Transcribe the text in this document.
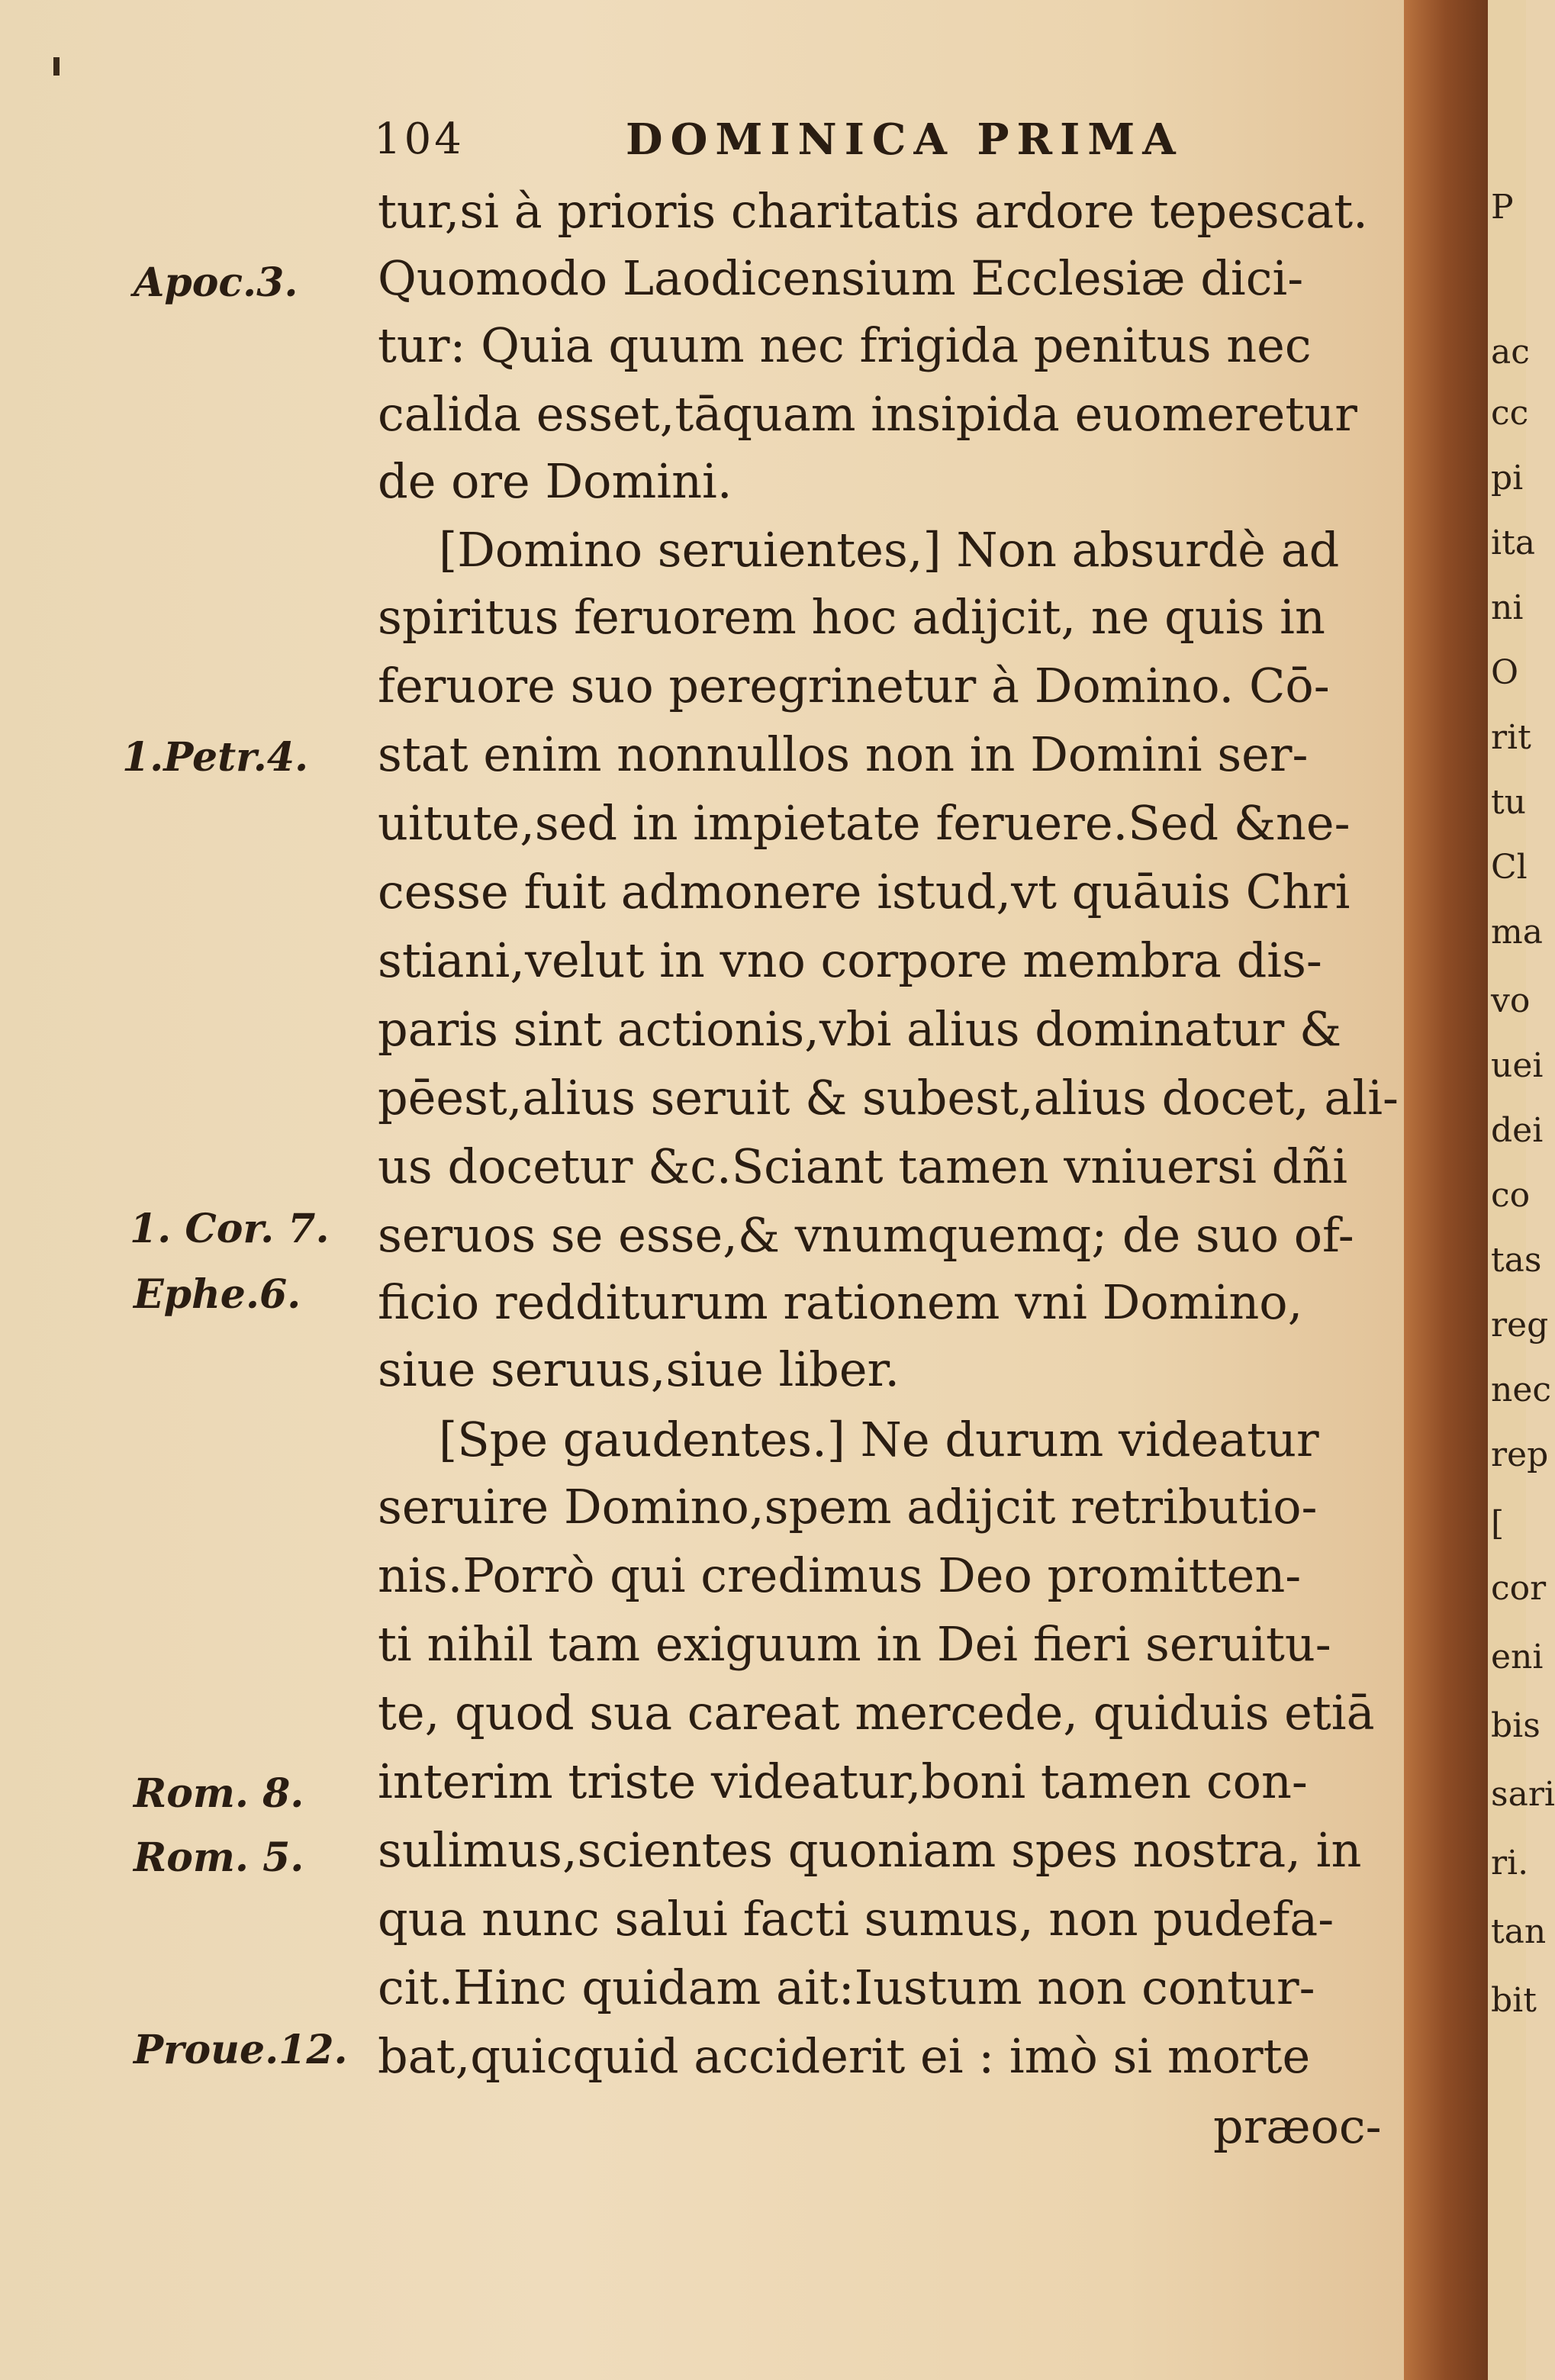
104	DOMINICA PRIMA
tur,si à prioris charitatis ardore tepescat.
Quomodo Laodicensium Ecclesiæ dici-
tur: Quia quum nec frigida penitus nec
calida esset,tāquam insipida euomeretur
de ore Domini.
[Domino seruientes,] Non absurdè ad
spiritus feruorem hoc adijcit, ne quis in
feruore suo peregrinetur à Domino. Cō-
stat enim nonnullos non in Domini ser-
uitute,sed in impietate feruere.Sed &ne-
cesse fuit admonere istud,vt quāuis Chri
stiani,velut in vno corpore membra dis-
paris sint actionis,vbi alius dominatur &
pēest,alius seruit & subest,alius docet, ali-
us docetur &c.Sciant tamen vniuersi dñi
seruos se esse,& vnumquemq; de suo of-
ficio redditurum rationem vni Domino,
siue seruus,siue liber.
[Spe gaudentes.] Ne durum videatur
seruire Domino,spem adijcit retributio-
nis.Porrò qui credimus Deo promitten-
ti nihil tam exiguum in Dei fieri seruitu-
te, quod sua careat mercede, quiduis etiā
interim triste videatur,boni tamen con-
sulimus,scientes quoniam spes nostra, in
qua nunc salui facti sumus, non pudefa-
cit.Hinc quidam ait:Iustum non contur-
bat,quicquid acciderit ei : imò si morte
præoc-
Apoc.3.
1.Petr.4.
1. Cor. 7.
Ephe.6.
Rom. 8.
Rom. 5.
Proue.12.
P
ac
cc
pi
ita
ni
O
rit
tu
Cl
ma
vo
uei
dei
co
tas
reg
nec
rep
[
cor
eni
bis
sari
ri.
tan
bit
